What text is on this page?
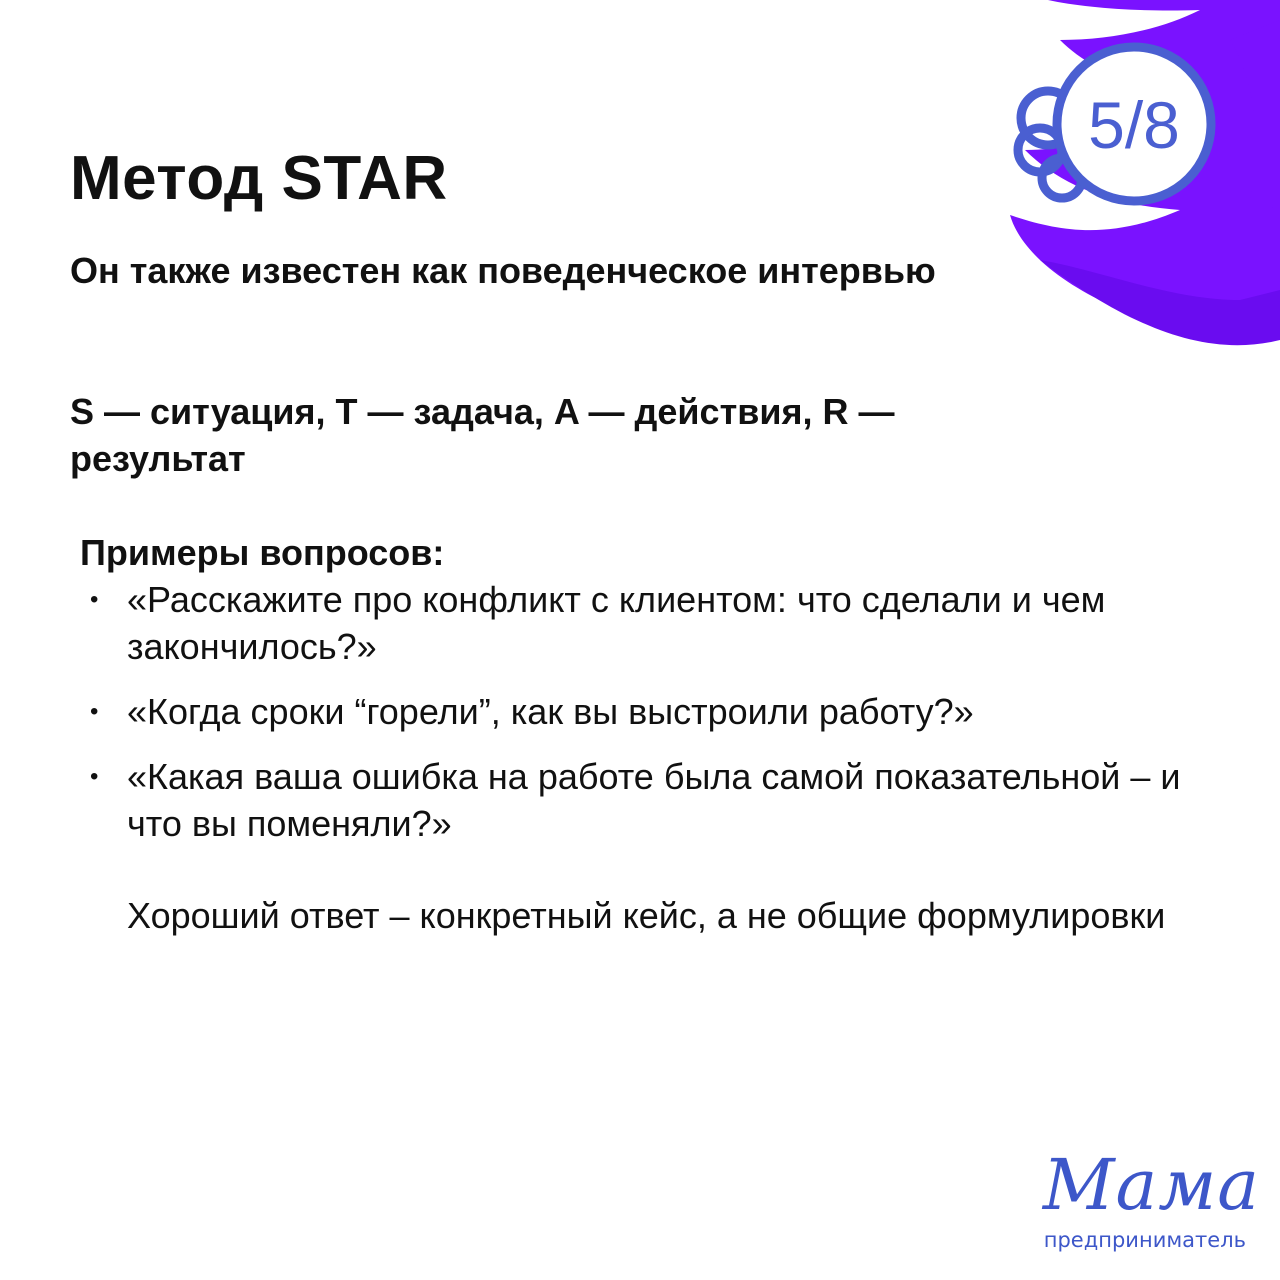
5/8
Метод STAR

Он также известен как поведенческое интервью

S — ситуация, T — задача, A — действия, R — результат

Примеры вопросов:

• «Расскажите про конфликт с клиентом: что сделали и чем закончилось?»
• «Когда сроки “горели”, как вы выстроили работу?»
• «Какая ваша ошибка на работе была самой показательной – и что вы поменяли?»

Хороший ответ – конкретный кейс, а не общие формулировки

Мама
предприниматель
